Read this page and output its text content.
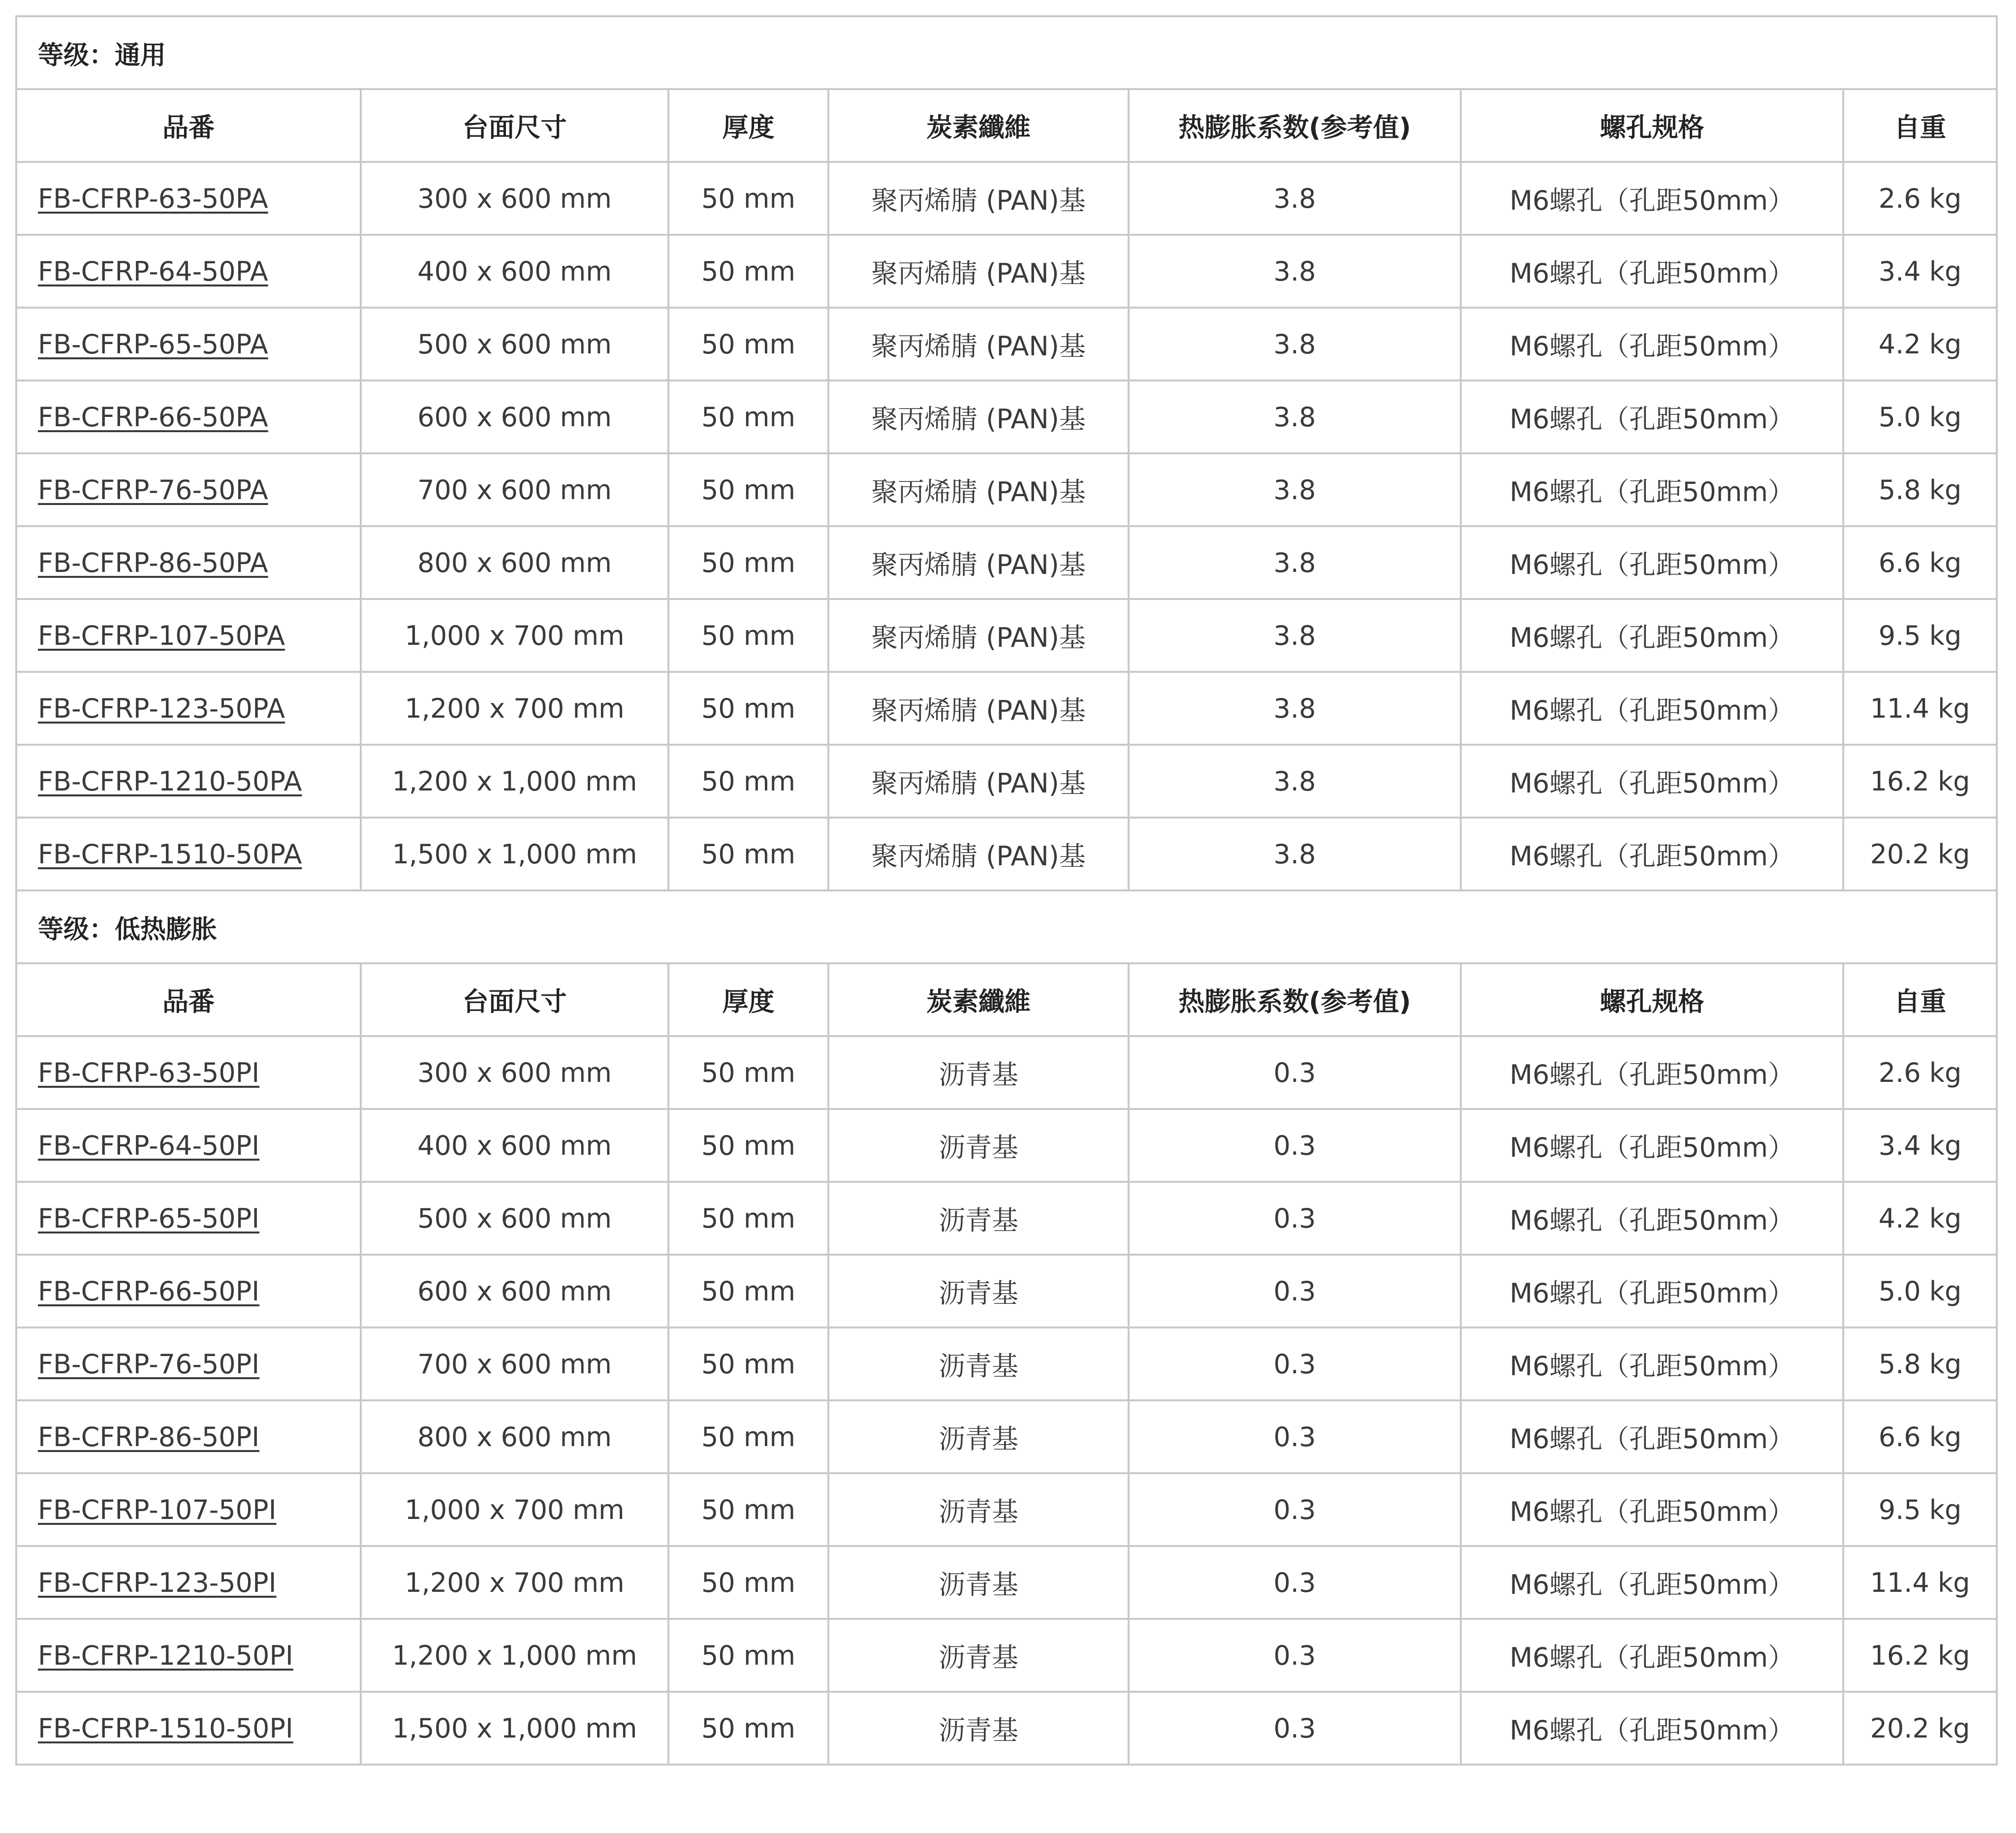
等级：通用						
品番	台面尺寸	厚度	炭素纖維	热膨胀系数(参考值)	螺孔规格	自重
FB-CFRP-63-50PA	300 x 600 mm	50 mm	聚丙烯腈 (PAN)基	3.8	M6螺孔（孔距50mm）	2.6 kg
FB-CFRP-64-50PA	400 x 600 mm	50 mm	聚丙烯腈 (PAN)基	3.8	M6螺孔（孔距50mm）	3.4 kg
FB-CFRP-65-50PA	500 x 600 mm	50 mm	聚丙烯腈 (PAN)基	3.8	M6螺孔（孔距50mm）	4.2 kg
FB-CFRP-66-50PA	600 x 600 mm	50 mm	聚丙烯腈 (PAN)基	3.8	M6螺孔（孔距50mm）	5.0 kg
FB-CFRP-76-50PA	700 x 600 mm	50 mm	聚丙烯腈 (PAN)基	3.8	M6螺孔（孔距50mm）	5.8 kg
FB-CFRP-86-50PA	800 x 600 mm	50 mm	聚丙烯腈 (PAN)基	3.8	M6螺孔（孔距50mm）	6.6 kg
FB-CFRP-107-50PA	1,000 x 700 mm	50 mm	聚丙烯腈 (PAN)基	3.8	M6螺孔（孔距50mm）	9.5 kg
FB-CFRP-123-50PA	1,200 x 700 mm	50 mm	聚丙烯腈 (PAN)基	3.8	M6螺孔（孔距50mm）	11.4 kg
FB-CFRP-1210-50PA	1,200 x 1,000 mm	50 mm	聚丙烯腈 (PAN)基	3.8	M6螺孔（孔距50mm）	16.2 kg
FB-CFRP-1510-50PA	1,500 x 1,000 mm	50 mm	聚丙烯腈 (PAN)基	3.8	M6螺孔（孔距50mm）	20.2 kg
等级：低热膨胀						
品番	台面尺寸	厚度	炭素纖維	热膨胀系数(参考值)	螺孔规格	自重
FB-CFRP-63-50PI	300 x 600 mm	50 mm	沥青基	0.3	M6螺孔（孔距50mm）	2.6 kg
FB-CFRP-64-50PI	400 x 600 mm	50 mm	沥青基	0.3	M6螺孔（孔距50mm）	3.4 kg
FB-CFRP-65-50PI	500 x 600 mm	50 mm	沥青基	0.3	M6螺孔（孔距50mm）	4.2 kg
FB-CFRP-66-50PI	600 x 600 mm	50 mm	沥青基	0.3	M6螺孔（孔距50mm）	5.0 kg
FB-CFRP-76-50PI	700 x 600 mm	50 mm	沥青基	0.3	M6螺孔（孔距50mm）	5.8 kg
FB-CFRP-86-50PI	800 x 600 mm	50 mm	沥青基	0.3	M6螺孔（孔距50mm）	6.6 kg
FB-CFRP-107-50PI	1,000 x 700 mm	50 mm	沥青基	0.3	M6螺孔（孔距50mm）	9.5 kg
FB-CFRP-123-50PI	1,200 x 700 mm	50 mm	沥青基	0.3	M6螺孔（孔距50mm）	11.4 kg
FB-CFRP-1210-50PI	1,200 x 1,000 mm	50 mm	沥青基	0.3	M6螺孔（孔距50mm）	16.2 kg
FB-CFRP-1510-50PI	1,500 x 1,000 mm	50 mm	沥青基	0.3	M6螺孔（孔距50mm）	20.2 kg
